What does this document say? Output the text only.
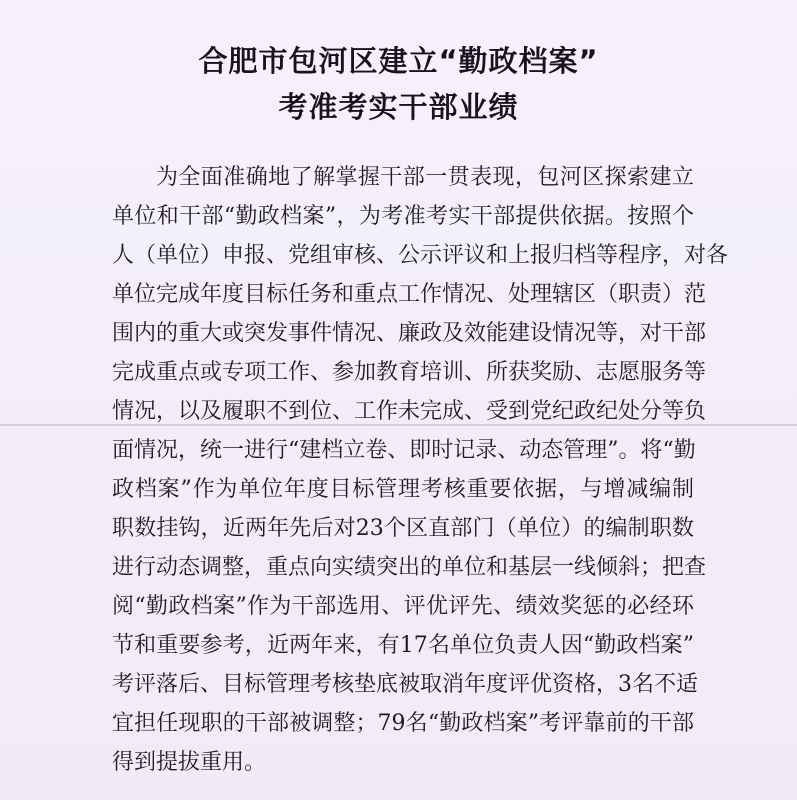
合肥市包河区建立“勤政档案”
考准考实干部业绩
为全面准确地了解掌握干部一贯表现，包河区探索建立
单位和干部“勤政档案”，为考准考实干部提供依据。按照个
人（单位）申报、党组审核、公示评议和上报归档等程序，对各
单位完成年度目标任务和重点工作情况、处理辖区（职责）范
围内的重大或突发事件情况、廉政及效能建设情况等，对干部
完成重点或专项工作、参加教育培训、所获奖励、志愿服务等
情况，以及履职不到位、工作未完成、受到党纪政纪处分等负
面情况，统一进行“建档立卷、即时记录、动态管理”。将“勤
政档案”作为单位年度目标管理考核重要依据，与增减编制
职数挂钩，近两年先后对23个区直部门（单位）的编制职数
进行动态调整，重点向实绩突出的单位和基层一线倾斜；把查
阅“勤政档案”作为干部选用、评优评先、绩效奖惩的必经环
节和重要参考，近两年来，有17名单位负责人因“勤政档案”
考评落后、目标管理考核垫底被取消年度评优资格，3名不适
宜担任现职的干部被调整；79名“勤政档案”考评靠前的干部
得到提拔重用。
